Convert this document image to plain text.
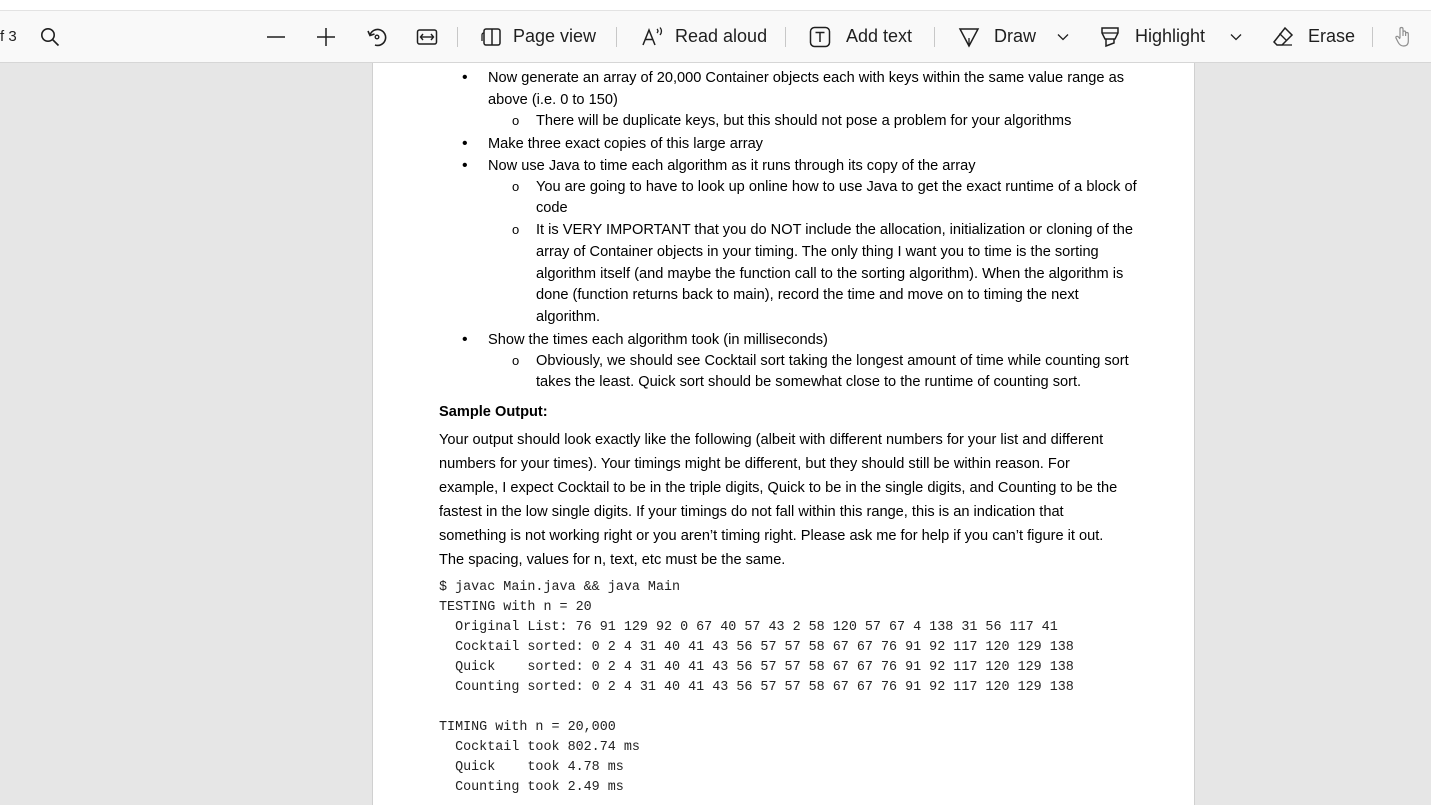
f 3	Page view	Read aloud	Add text	Draw	Highlight	Erase
• Now generate an array of 20,000 Container objects each with keys within the same value range as above (i.e. 0 to 150)
o There will be duplicate keys, but this should not pose a problem for your algorithms
• Make three exact copies of this large array
• Now use Java to time each algorithm as it runs through its copy of the array
o You are going to have to look up online how to use Java to get the exact runtime of a block of code
o It is VERY IMPORTANT that you do NOT include the allocation, initialization or cloning of the array of Container objects in your timing. The only thing I want you to time is the sorting algorithm itself (and maybe the function call to the sorting algorithm). When the algorithm is done (function returns back to main), record the time and move on to timing the next algorithm.
• Show the times each algorithm took (in milliseconds)
o Obviously, we should see Cocktail sort taking the longest amount of time while counting sort takes the least. Quick sort should be somewhat close to the runtime of counting sort.
Sample Output:
Your output should look exactly like the following (albeit with different numbers for your list and different numbers for your times). Your timings might be different, but they should still be within reason. For example, I expect Cocktail to be in the triple digits, Quick to be in the single digits, and Counting to be the fastest in the low single digits. If your timings do not fall within this range, this is an indication that something is not working right or you aren’t timing right. Please ask me for help if you can’t figure it out. The spacing, values for n, text, etc must be the same.
$ javac Main.java && java Main
TESTING with n = 20
Original List: 76 91 129 92 0 67 40 57 43 2 58 120 57 67 4 138 31 56 117 41
Cocktail sorted: 0 2 4 31 40 41 43 56 57 57 58 67 67 76 91 92 117 120 129 138
Quick    sorted: 0 2 4 31 40 41 43 56 57 57 58 67 67 76 91 92 117 120 129 138
Counting sorted: 0 2 4 31 40 41 43 56 57 57 58 67 67 76 91 92 117 120 129 138
TIMING with n = 20,000
Cocktail took 802.74 ms
Quick    took 4.78 ms
Counting took 2.49 ms
